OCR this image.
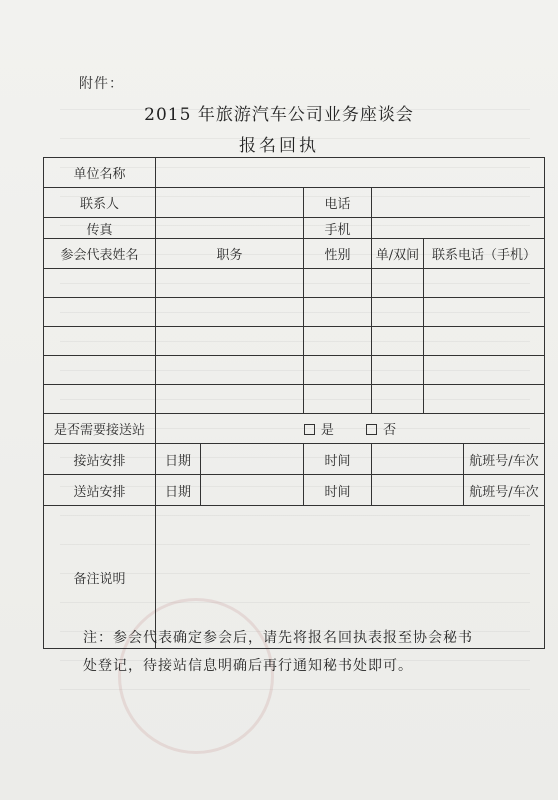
附件：
2015 年旅游汽车公司业务座谈会
报名回执
单位名称						
联系人			电话			
传真			手机			
参会代表姓名	职务		性别	单/双间	联系电话（手机）	

是否需要接送站	是 否					
接站安排	日期		时间			航班号/车次
送站安排	日期		时间			航班号/车次
备注说明						
注：参会代表确定参会后，请先将报名回执表报至协会秘书处登记，待接站信息明确后再行通知秘书处即可。
